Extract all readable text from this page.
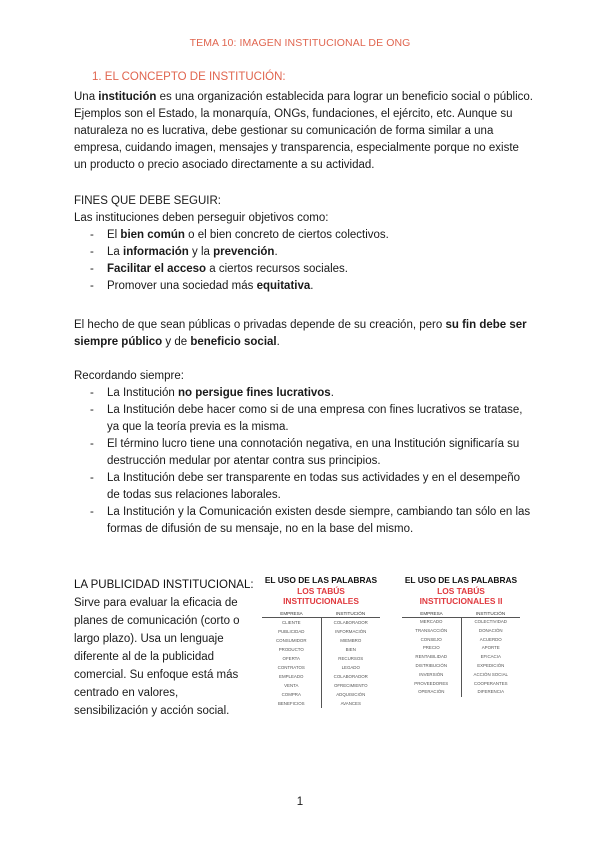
TEMA 10: IMAGEN INSTITUCIONAL DE ONG
1. EL CONCEPTO DE INSTITUCIÓN:
Una institución es una organización establecida para lograr un beneficio social o público. Ejemplos son el Estado, la monarquía, ONGs, fundaciones, el ejército, etc. Aunque su naturaleza no es lucrativa, debe gestionar su comunicación de forma similar a una empresa, cuidando imagen, mensajes y transparencia, especialmente porque no existe un producto o precio asociado directamente a su actividad.
FINES QUE DEBE SEGUIR:
Las instituciones deben perseguir objetivos como:
- El bien común o el bien concreto de ciertos colectivos.
- La información y la prevención.
- Facilitar el acceso a ciertos recursos sociales.
- Promover una sociedad más equitativa.
El hecho de que sean públicas o privadas depende de su creación, pero su fin debe ser siempre público y de beneficio social.
Recordando siempre:
- La Institución no persigue fines lucrativos.
- La Institución debe hacer como si de una empresa con fines lucrativos se tratase, ya que la teoría previa es la misma.
- El término lucro tiene una connotación negativa, en una Institución significaría su destrucción medular por atentar contra sus principios.
- La Institución debe ser transparente en todas sus actividades y en el desempeño de todas sus relaciones laborales.
- La Institución y la Comunicación existen desde siempre, cambiando tan sólo en las formas de difusión de su mensaje, no en la base del mismo.
LA PUBLICIDAD INSTITUCIONAL:
Sirve para evaluar la eficacia de planes de comunicación (corto o largo plazo). Usa un lenguaje diferente al de la publicidad comercial. Su enfoque está más centrado en valores, sensibilización y acción social.
EL USO DE LAS PALABRAS
LOS TABÚS INSTITUCIONALES
EMPRESA	INSTITUCIÓN
CLIENTE
PUBLICIDAD
CONSUMIDOR
PRODUCTO
OFERTA
CONTRATOS
EMPLEADO
VENTA
COMPRA
BENEFICIOS
COLABORADOR
INFORMACIÓN
MIEMBRO
BIEN
RECURSOS
LEGADO
COLABORADOR
OFRECIMIENTO
ADQUISICIÓN
AVANCES
EL USO DE LAS PALABRAS
LOS TABÚS INSTITUCIONALES II
EMPRESA	INSTITUCIÓN
MERCADO
TRANSACCIÓN
CONSEJO
PRECIO
RENTABILIDAD
DISTRIBUCIÓN
INVERSIÓN
PROVEEDORES
OPERACIÓN
COLECTIVIDAD
DONACIÓN
ACUERDO
APORTE
EFICACIA
EXPEDICIÓN
ACCIÓN SOCIAL
COOPERANTES
DIFERENCIA
1
